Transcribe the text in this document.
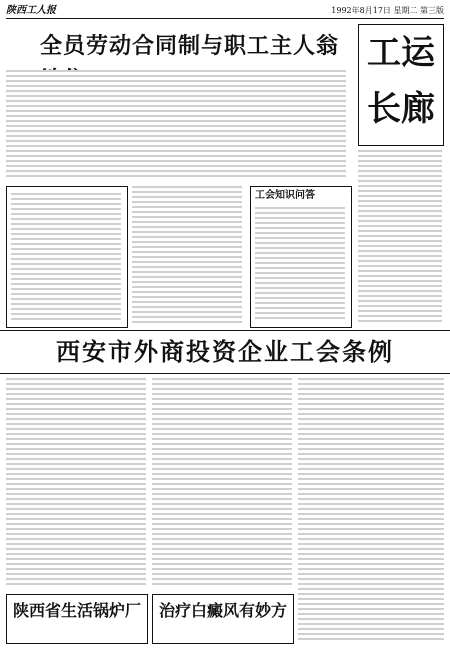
陕西工人报	1992年8月17日 星期二 第三版
全员劳动合同制与职工主人翁 工运长廊
工会知识问答
西安市外商投资企业工会条例
陕西省生活锅炉厂 治疗白癜风有妙方
